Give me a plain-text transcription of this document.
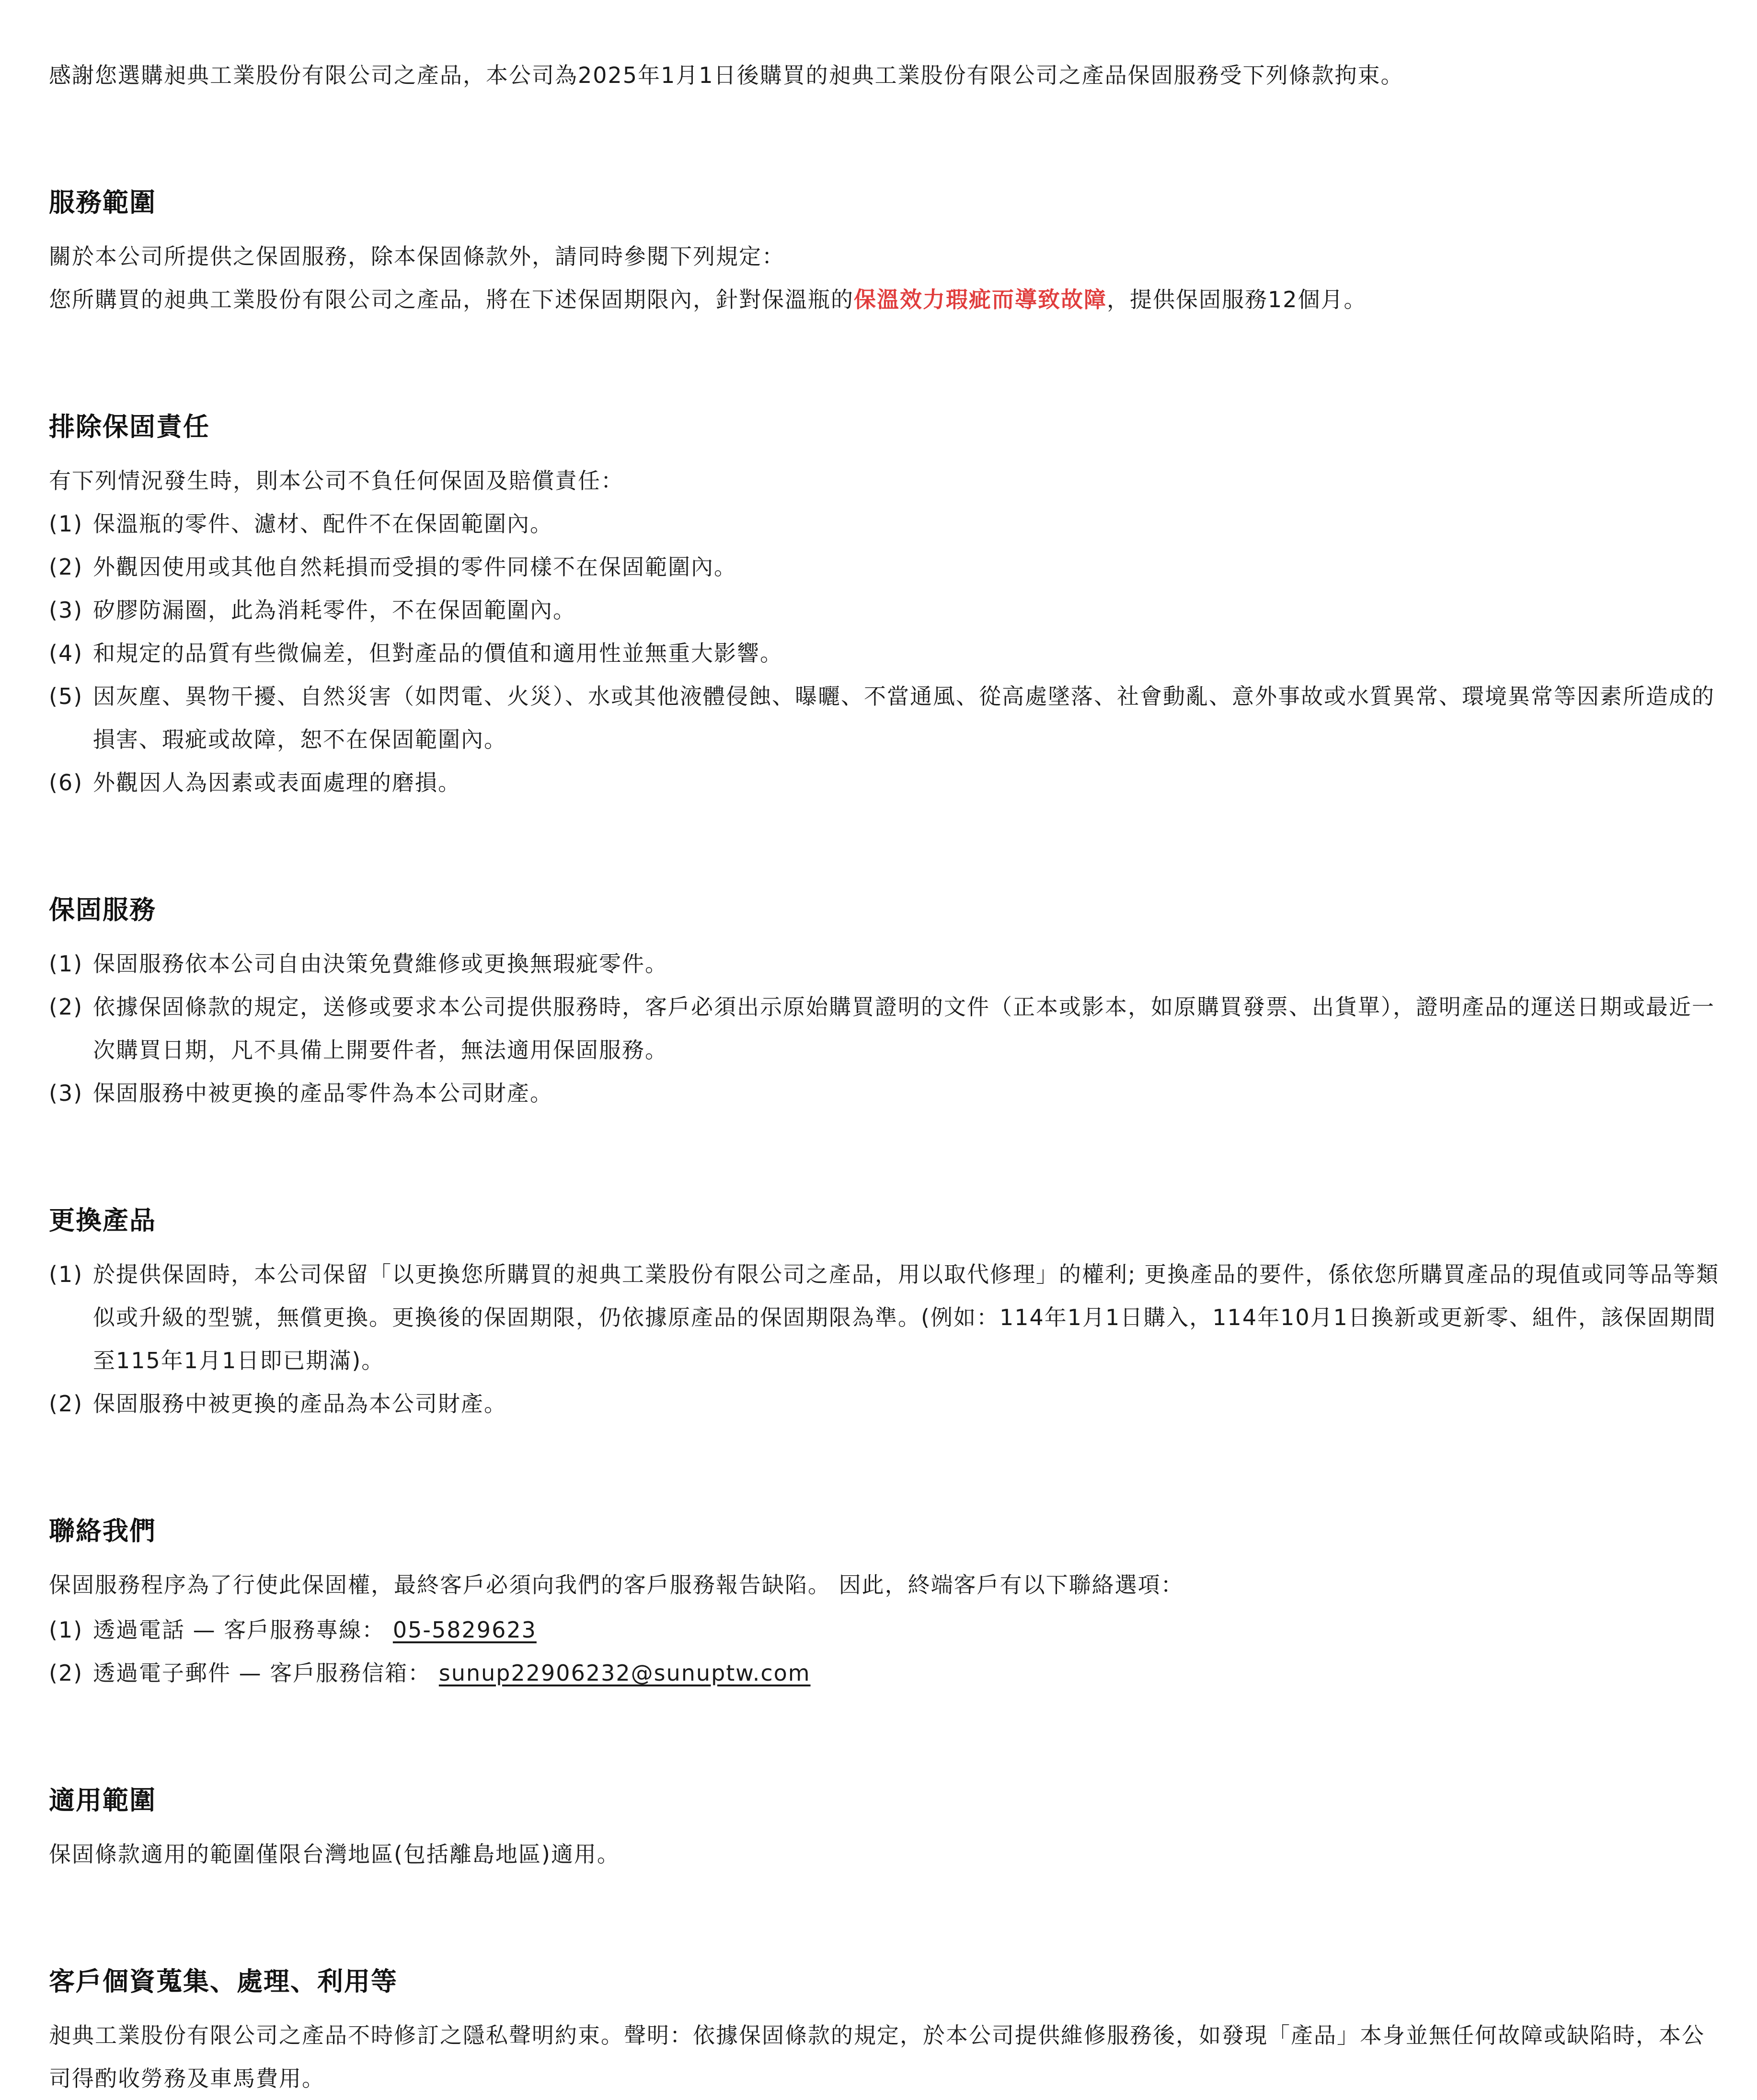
感謝您選購昶典工業股份有限公司之產品，本公司為2025年1月1日後購買的昶典工業股份有限公司之產品保固服務受下列條款拘束。

服務範圍

關於本公司所提供之保固服務，除本保固條款外，請同時參閱下列規定：

您所購買的昶典工業股份有限公司之產品，將在下述保固期限內，針對保溫瓶的保溫效力瑕疵而導致故障，提供保固服務12個月。

排除保固責任

有下列情況發生時，則本公司不負任何保固及賠償責任：

(1) 保溫瓶的零件、濾材、配件不在保固範圍內。
(2) 外觀因使用或其他自然耗損而受損的零件同樣不在保固範圍內。
(3) 矽膠防漏圈，此為消耗零件，不在保固範圍內。
(4) 和規定的品質有些微偏差，但對產品的價值和適用性並無重大影響。
(5) 因灰塵、異物干擾、自然災害（如閃電、火災）、水或其他液體侵蝕、曝曬、不當通風、從高處墜落、社會動亂、意外事故或水質異常、環境異常等因素所造成的損害、瑕疵或故障，恕不在保固範圍內。
(6) 外觀因人為因素或表面處理的磨損。
保固服務
(1) 保固服務依本公司自由決策免費維修或更換無瑕疵零件。
(2) 依據保固條款的規定，送修或要求本公司提供服務時，客戶必須出示原始購買證明的文件（正本或影本，如原購買發票、出貨單），證明產品的運送日期或最近一次購買日期，凡不具備上開要件者，無法適用保固服務。
(3) 保固服務中被更換的產品零件為本公司財產。
更換產品
(1) 於提供保固時，本公司保留「以更換您所購買的昶典工業股份有限公司之產品，用以取代修理」的權利; 更換產品的要件，係依您所購買產品的現值或同等品等類似或升級的型號，無償更換。更換後的保固期限，仍依據原產品的保固期限為準。(例如：114年1月1日購入，114年10月1日換新或更新零、組件，該保固期間至115年1月1日即已期滿)。
(2) 保固服務中被更換的產品為本公司財產。
聯絡我們

保固服務程序為了行使此保固權，最終客戶必須向我們的客戶服務報告缺陷。 因此，終端客戶有以下聯絡選項：

(1) 透過電話 — 客戶服務專線： 05-5829623
(2) 透過電子郵件 — 客戶服務信箱： sunup22906232@sunuptw.com
適用範圍

保固條款適用的範圍僅限台灣地區(包括離島地區)適用。

客戶個資蒐集、處理、利用等

昶典工業股份有限公司之產品不時修訂之隱私聲明約束。聲明：依據保固條款的規定，於本公司提供維修服務後，如發現「產品」本身並無任何故障或缺陷時，本公司得酌收勞務及車馬費用。
